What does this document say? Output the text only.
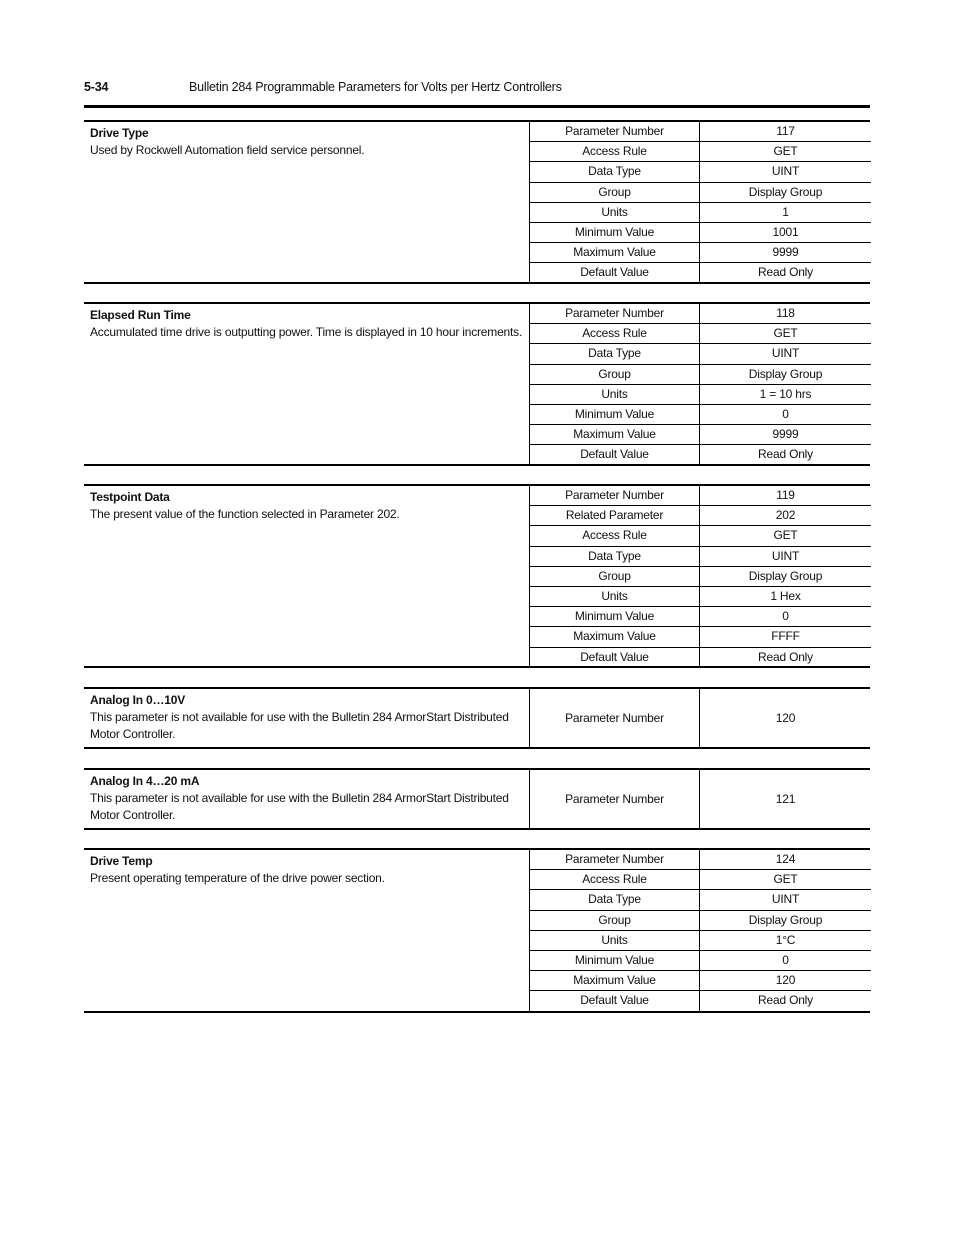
5-34	Bulletin 284 Programmable Parameters for Volts per Hertz Controllers
Drive Type
Used by Rockwell Automation field service personnel.
Parameter Number	117
Access Rule	GET
Data Type	UINT
Group	Display Group
Units	1
Minimum Value	1001
Maximum Value	9999
Default Value	Read Only
Elapsed Run Time
Accumulated time drive is outputting power. Time is displayed in 10 hour increments.
Parameter Number	118
Access Rule	GET
Data Type	UINT
Group	Display Group
Units	1 = 10 hrs
Minimum Value	0
Maximum Value	9999
Default Value	Read Only
Testpoint Data
The present value of the function selected in Parameter 202.
Parameter Number	119
Related Parameter	202
Access Rule	GET
Data Type	UINT
Group	Display Group
Units	1 Hex
Minimum Value	0
Maximum Value	FFFF
Default Value	Read Only
Analog In 0…10V
This parameter is not available for use with the Bulletin 284 ArmorStart Distributed Motor Controller.
Parameter Number	120
Analog In 4…20 mA
This parameter is not available for use with the Bulletin 284 ArmorStart Distributed Motor Controller.
Parameter Number	121
Drive Temp
Present operating temperature of the drive power section.
Parameter Number	124
Access Rule	GET
Data Type	UINT
Group	Display Group
Units	1°C
Minimum Value	0
Maximum Value	120
Default Value	Read Only
